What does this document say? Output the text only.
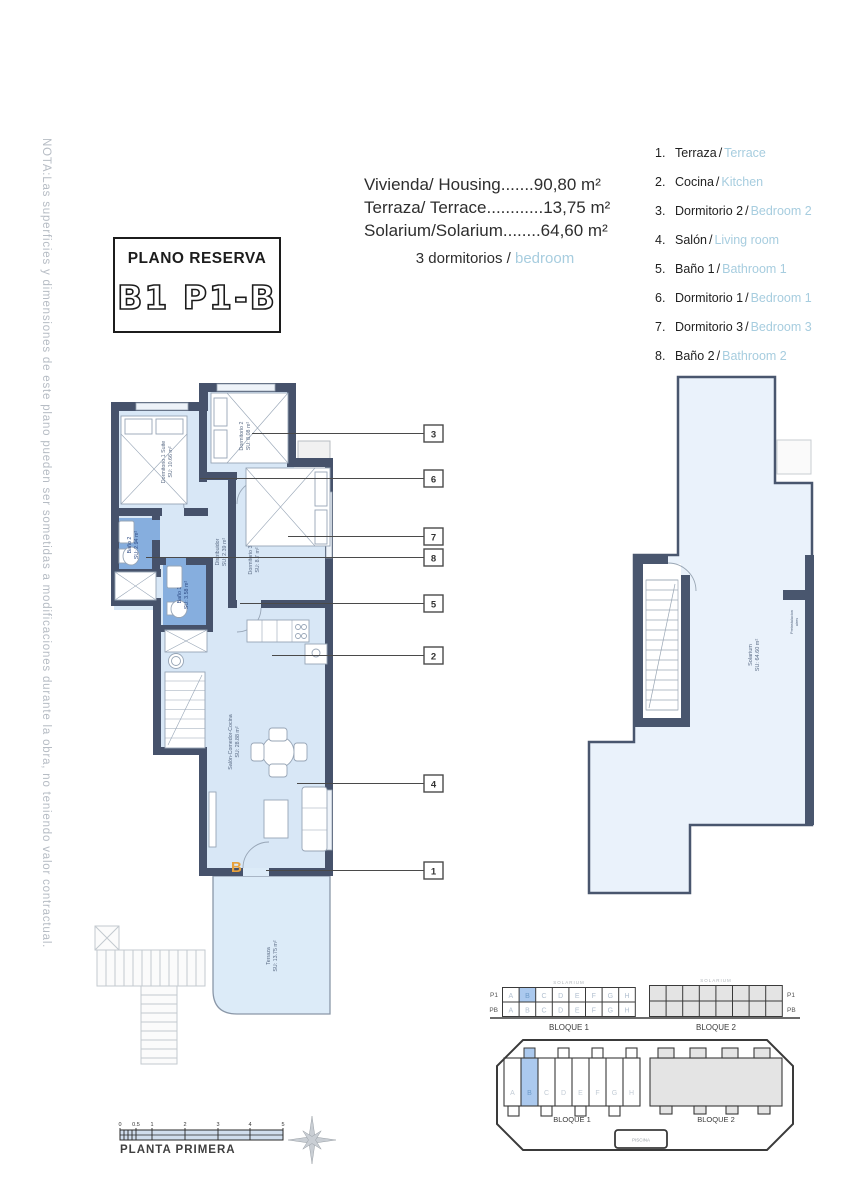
NOTA:Las superficies y dimensiones de este plano pueden ser sometidas a modificaciones durante la obra, no teniendo valor contractual.	PLANO RESERVA
B1 P1-B
Vivienda/ Housing.......90,80 m²
Terraza/ Terrace............13,75 m²
Solarium/Solarium........64,60 m²
3 dormitorios / bedroom
1. Terraza / Terrace
2. Cocina / Kitchen
3. Dormitorio 2 / Bedroom 2
4. Salón / Living room
5. Baño 1 / Bathroom 1
6. Dormitorio 1 / Bedroom 1
7. Dormitorio 3 / Bedroom 3
8. Baño 2 / Bathroom 2
Dormitorio 1 Suite SU: 10.66 m²
Dormitorio 2 SU: 8.08 m²
Dormitorio 3 SU: 8.7 m²
Baño 2 SU: 2.94 m²
Baño 1 SU: 3.58 m²
Distribuidor SU: 2.39 m²
Salón-Comedor-Cocina SU: 28.88 m²
Terraza SU: 13.75 m²
B
3
6
7
8
5
2
4
1
Solarium SU: 64.60 m²
Preinstalacion aires
SOLARIUM
A B C D E F G H
A B C D E F G H
P1
PB
BLOQUE 1
SOLARIUM
P1
PB
BLOQUE 2
A B C D E F G H
BLOQUE 1	BLOQUE 2
PISCINA
0 0.5 1	2	3	4	5
PLANTA PRIMERA
